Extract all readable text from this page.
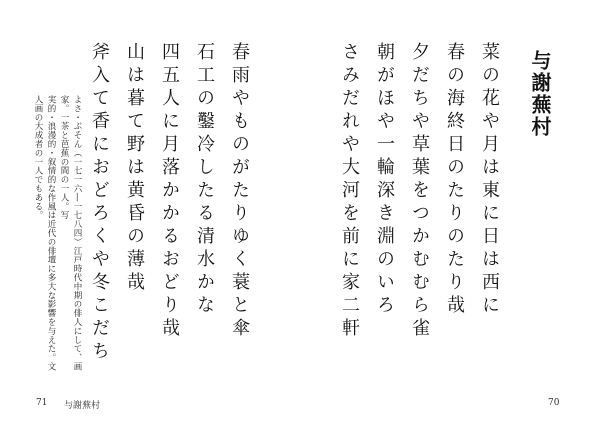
与謝蕪村
菜の花や月は東に日は西に
春の海終日のたりのたり哉
夕だちや草葉をつかむむら雀
朝がほや一輪深き淵のいろ
さみだれや大河を前に家二軒
春雨やものがたりゆく蓑と傘
石工の鑿冷したる清水かな
四五人に月落かかるおどり哉
山は暮て野は黄昏の薄哉
斧入て香におどろくや冬こだち
よさ・ぶそん（一七一六―一七八四）江戸時代中期の俳人にして、画家。一茶と芭蕉の間の一人。写
実的・浪漫的・叙情的な作風は近代の俳壇に多大な影響を与えた。文人画の大成者の一人でもある。
71 与謝蕪村	70
